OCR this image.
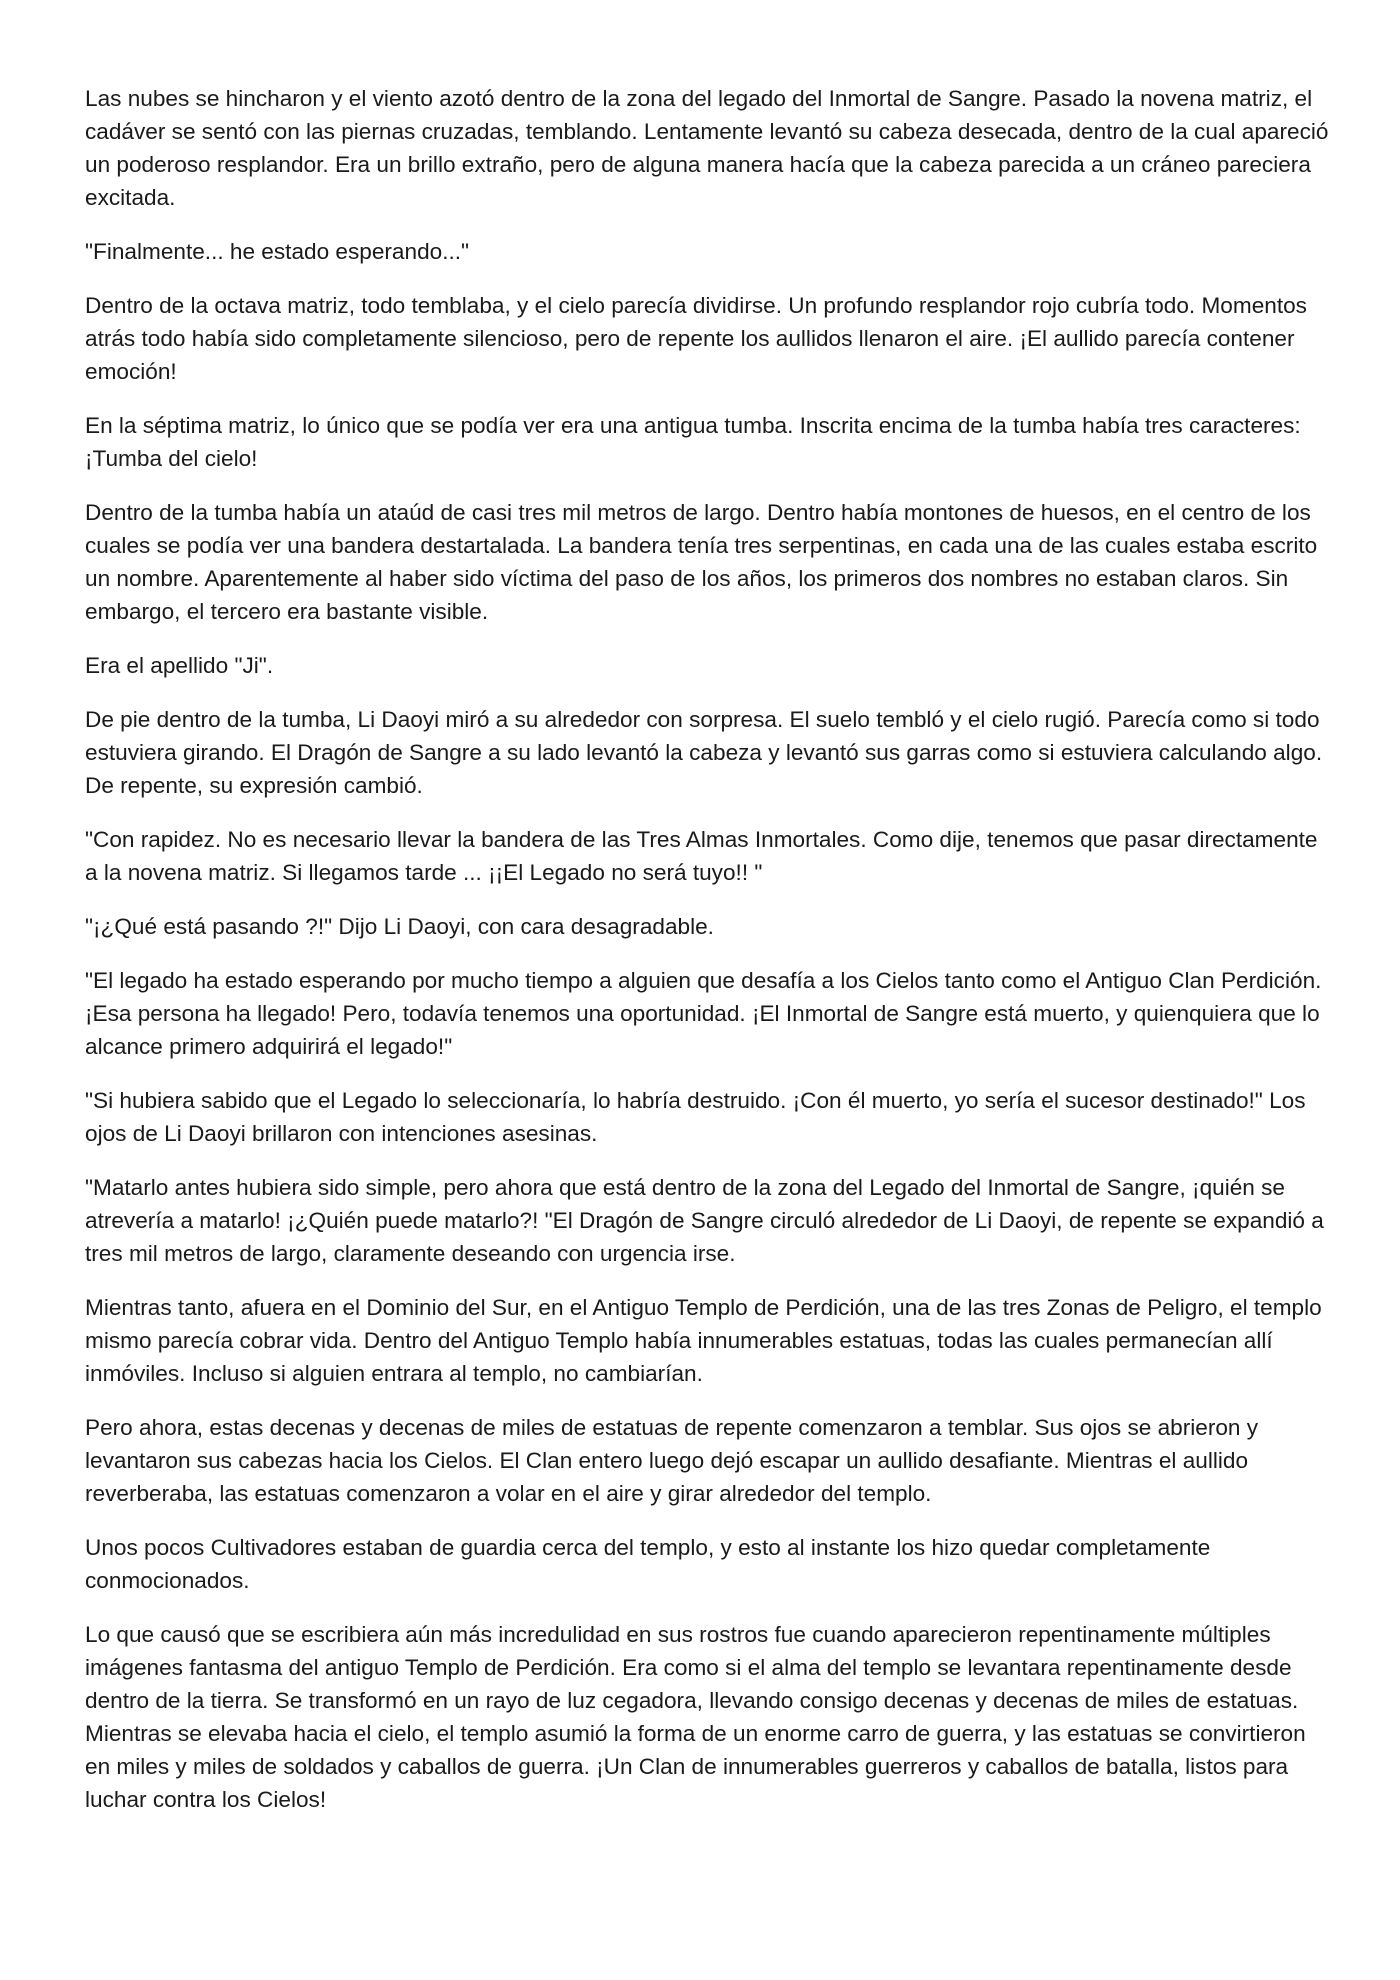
Las nubes se hincharon y el viento azotó dentro de la zona del legado del Inmortal de Sangre. Pasado la novena matriz, el cadáver se sentó con las piernas cruzadas, temblando. Lentamente levantó su cabeza desecada, dentro de la cual apareció un poderoso resplandor. Era un brillo extraño, pero de alguna manera hacía que la cabeza parecida a un cráneo pareciera excitada.

"Finalmente... he estado esperando..."

Dentro de la octava matriz, todo temblaba, y el cielo parecía dividirse. Un profundo resplandor rojo cubría todo. Momentos atrás todo había sido completamente silencioso, pero de repente los aullidos llenaron el aire. ¡El aullido parecía contener emoción!

En la séptima matriz, lo único que se podía ver era una antigua tumba. Inscrita encima de la tumba había tres caracteres: ¡Tumba del cielo!

Dentro de la tumba había un ataúd de casi tres mil metros de largo. Dentro había montones de huesos, en el centro de los cuales se podía ver una bandera destartalada. La bandera tenía tres serpentinas, en cada una de las cuales estaba escrito un nombre. Aparentemente al haber sido víctima del paso de los años, los primeros dos nombres no estaban claros. Sin embargo, el tercero era bastante visible.

Era el apellido "Ji".

De pie dentro de la tumba, Li Daoyi miró a su alrededor con sorpresa. El suelo tembló y el cielo rugió. Parecía como si todo estuviera girando. El Dragón de Sangre a su lado levantó la cabeza y levantó sus garras como si estuviera calculando algo. De repente, su expresión cambió.

"Con rapidez. No es necesario llevar la bandera de las Tres Almas Inmortales. Como dije, tenemos que pasar directamente a la novena matriz. Si llegamos tarde ... ¡¡El Legado no será tuyo!! "

"¡¿Qué está pasando ?!" Dijo Li Daoyi, con cara desagradable.

"El legado ha estado esperando por mucho tiempo a alguien que desafía a los Cielos tanto como el Antiguo Clan Perdición. ¡Esa persona ha llegado! Pero, todavía tenemos una oportunidad. ¡El Inmortal de Sangre está muerto, y quienquiera que lo alcance primero adquirirá el legado!"

"Si hubiera sabido que el Legado lo seleccionaría, lo habría destruido. ¡Con él muerto, yo sería el sucesor destinado!" Los ojos de Li Daoyi brillaron con intenciones asesinas.

"Matarlo antes hubiera sido simple, pero ahora que está dentro de la zona del Legado del Inmortal de Sangre, ¡quién se atrevería a matarlo! ¡¿Quién puede matarlo?! "El Dragón de Sangre circuló alrededor de Li Daoyi, de repente se expandió a tres mil metros de largo, claramente deseando con urgencia irse.

Mientras tanto, afuera en el Dominio del Sur, en el Antiguo Templo de Perdición, una de las tres Zonas de Peligro, el templo mismo parecía cobrar vida. Dentro del Antiguo Templo había innumerables estatuas, todas las cuales permanecían allí inmóviles. Incluso si alguien entrara al templo, no cambiarían.

Pero ahora, estas decenas y decenas de miles de estatuas de repente comenzaron a temblar. Sus ojos se abrieron y levantaron sus cabezas hacia los Cielos. El Clan entero luego dejó escapar un aullido desafiante. Mientras el aullido reverberaba, las estatuas comenzaron a volar en el aire y girar alrededor del templo.

Unos pocos Cultivadores estaban de guardia cerca del templo, y esto al instante los hizo quedar completamente conmocionados.

Lo que causó que se escribiera aún más incredulidad en sus rostros fue cuando aparecieron repentinamente múltiples imágenes fantasma del antiguo Templo de Perdición. Era como si el alma del templo se levantara repentinamente desde dentro de la tierra. Se transformó en un rayo de luz cegadora, llevando consigo decenas y decenas de miles de estatuas. Mientras se elevaba hacia el cielo, el templo asumió la forma de un enorme carro de guerra, y las estatuas se convirtieron en miles y miles de soldados y caballos de guerra. ¡Un Clan de innumerables guerreros y caballos de batalla, listos para luchar contra los Cielos!
